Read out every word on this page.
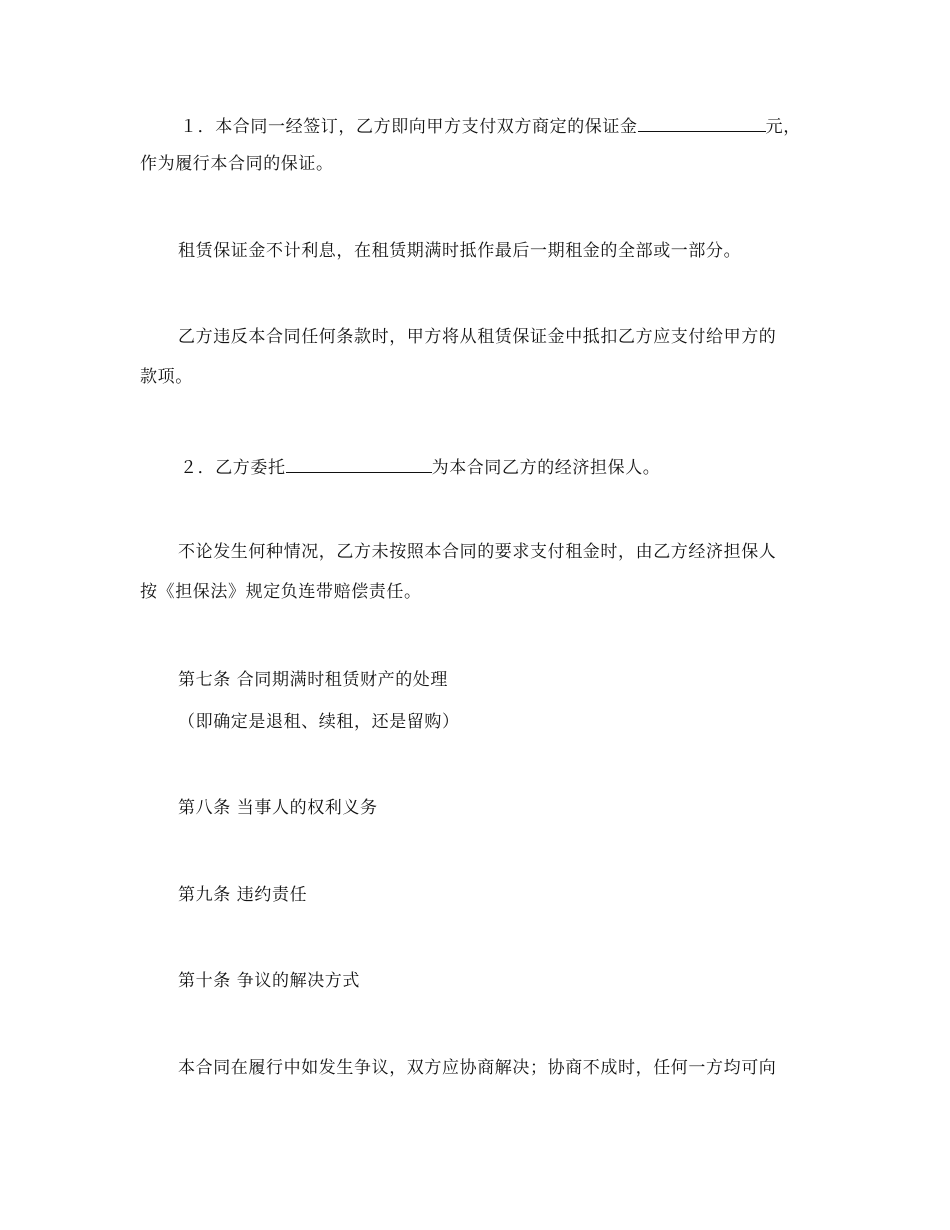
１．本合同一经签订，乙方即向甲方支付双方商定的保证金	元，
作为履行本合同的保证。
租赁保证金不计利息，在租赁期满时抵作最后一期租金的全部或一部分。
乙方违反本合同任何条款时，甲方将从租赁保证金中抵扣乙方应支付给甲方的
款项。
２．乙方委托	为本合同乙方的经济担保人。
不论发生何种情况，乙方未按照本合同的要求支付租金时，由乙方经济担保人
按《担保法》规定负连带赔偿责任。
第七条 合同期满时租赁财产的处理
（即确定是退租、续租，还是留购）
第八条 当事人的权利义务
第九条 违约责任
第十条 争议的解决方式
本合同在履行中如发生争议，双方应协商解决；协商不成时，任何一方均可向
